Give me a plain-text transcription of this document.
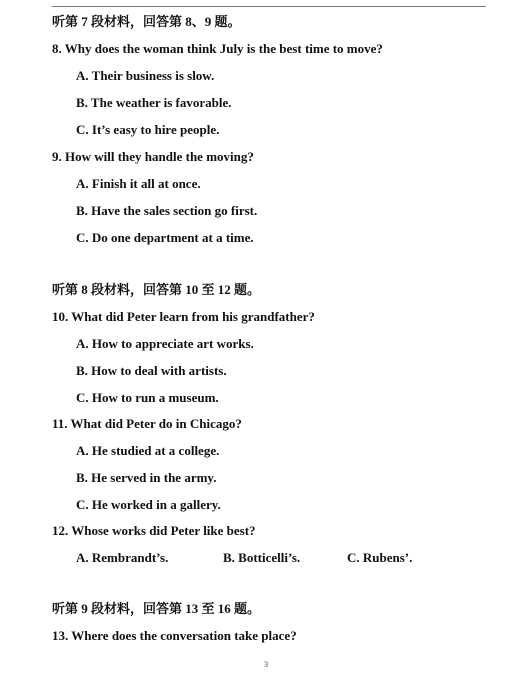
听第 7 段材料，回答第 8、9 题。
8. Why does the woman think July is the best time to move?
A. Their business is slow.
B. The weather is favorable.
C. It’s easy to hire people.
9. How will they handle the moving?
A. Finish it all at once.
B. Have the sales section go first.
C. Do one department at a time.
听第 8 段材料，回答第 10 至 12 题。
10. What did Peter learn from his grandfather?
A. How to appreciate art works.
B. How to deal with artists.
C. How to run a museum.
11. What did Peter do in Chicago?
A. He studied at a college.
B. He served in the army.
C. He worked in a gallery.
12. Whose works did Peter like best?
A. Rembrandt’s.	B. Botticelli’s.	C. Rubens’.
听第 9 段材料，回答第 13 至 16 题。
13. Where does the conversation take place?
3
